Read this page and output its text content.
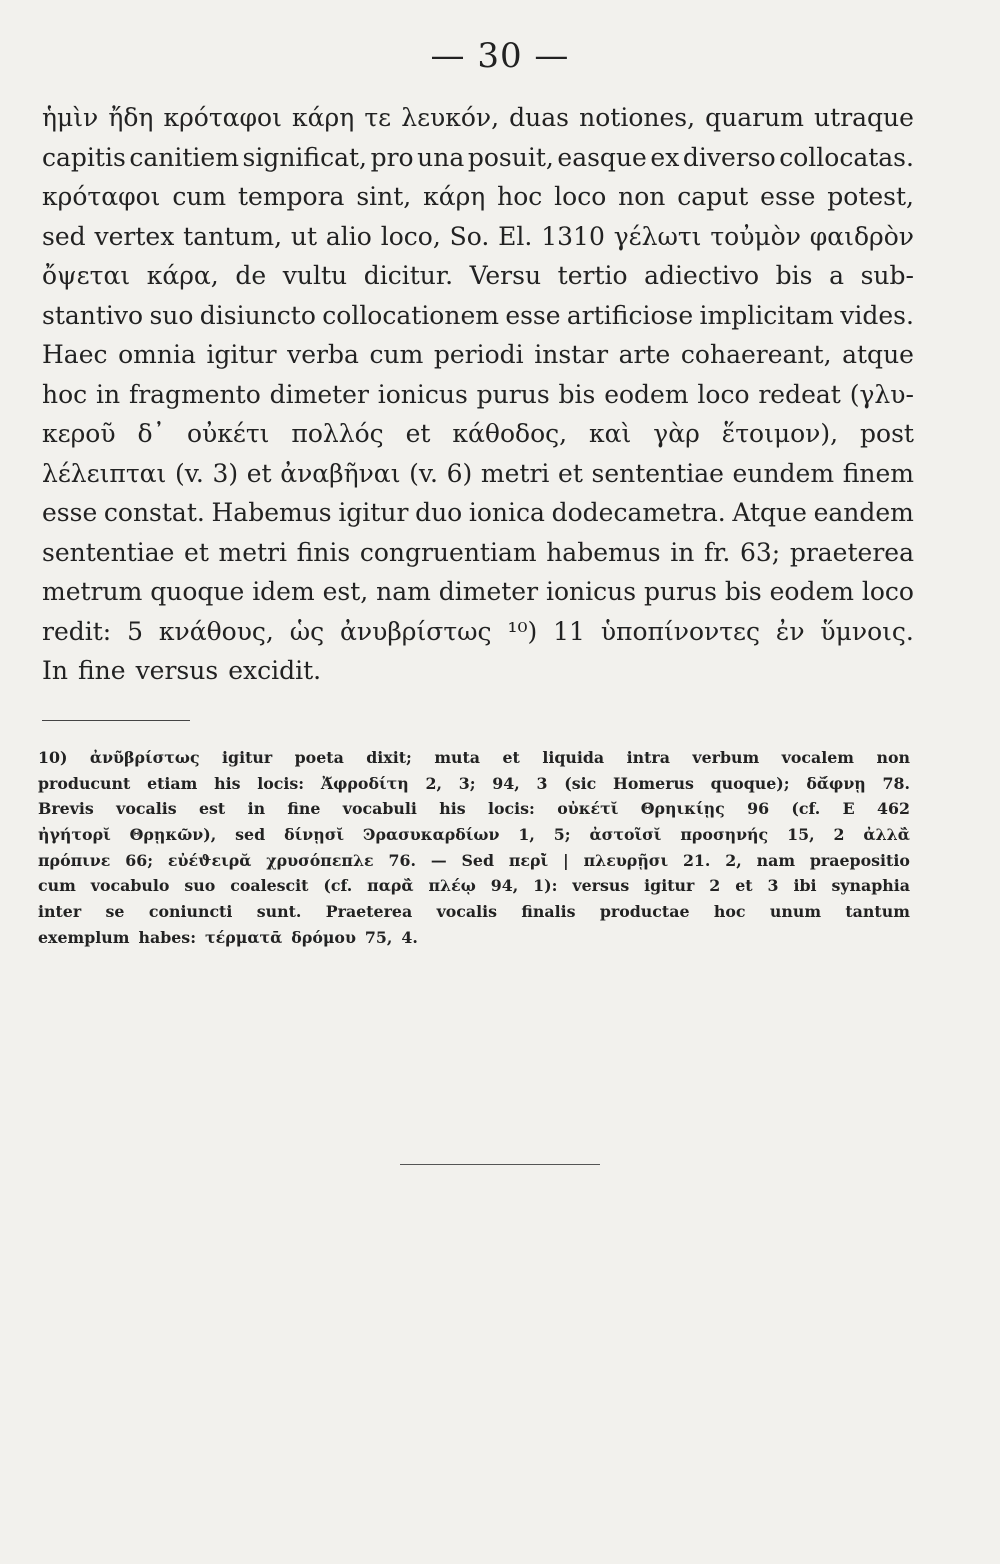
— 30 —
ἡμὶν ἤδη κρόταφοι κάρη τε λευκόν, duas notiones, quarum utraque
capitis canitiem significat, pro una posuit, easque ex diverso collocatas.
κρόταφοι cum tempora sint, κάρη hoc loco non caput esse potest,
sed vertex tantum, ut alio loco, So. El. 1310 γέλωτι τοὐμὸν φαιδρὸν
ὄψεται κάρα, de vultu dicitur. Versu tertio adiectivo bis a sub-
stantivo suo disiuncto collocationem esse artificiose implicitam vides.
Haec omnia igitur verba cum periodi instar arte cohaereant, atque
hoc in fragmento dimeter ionicus purus bis eodem loco redeat (γλυ-
κεροῦ δ᾽ οὐκέτι πολλός et κάθοδος, καὶ γὰρ ἕτοιμον), post
λέλειπται (v. 3) et ἀναβῆναι (v. 6) metri et sententiae eundem finem
esse constat. Habemus igitur duo ionica dodecametra. Atque eandem
sententiae et metri finis congruentiam habemus in fr. 63; praeterea
metrum quoque idem est, nam dimeter ionicus purus bis eodem loco
redit: 5 κνάθους, ὡς ἀνυβρίστως ¹⁰) 11 ὑποπίνοντες ἐν ὕμνοις.
In fine versus excidit.
10) ἀνῦβρίστως igitur poeta dixit; muta et liquida intra verbum vocalem non
producunt etiam his locis: Ἀ̆φροδίτη 2, 3; 94, 3 (sic Homerus quoque); δᾰ́φνῃ 78.
Brevis vocalis est in fine vocabuli his locis: οὐκέτῐ Θρηικίῃς 96 (cf. E 462
ἠγήτορῐ Θρῃκῶν), sed δίνῃσῐ Ͽρασυκαρδίων 1, 5; ἀστοῖσῐ προσηνής 15, 2 ἀλλᾰ̀
πρόπινε 66; εὐέϑειρᾰ χρυσόπεπλε 76. — Sed περῐ̀ | πλευρῇσι 21. 2, nam praepositio
cum vocabulo suo coalescit (cf. παρᾰ̀ πλέῳ 94, 1): versus igitur 2 et 3 ibi synaphia
inter se coniuncti sunt. Praeterea vocalis finalis productae hoc unum tantum
exemplum habes: τέρματᾱ δρόμου 75, 4.
